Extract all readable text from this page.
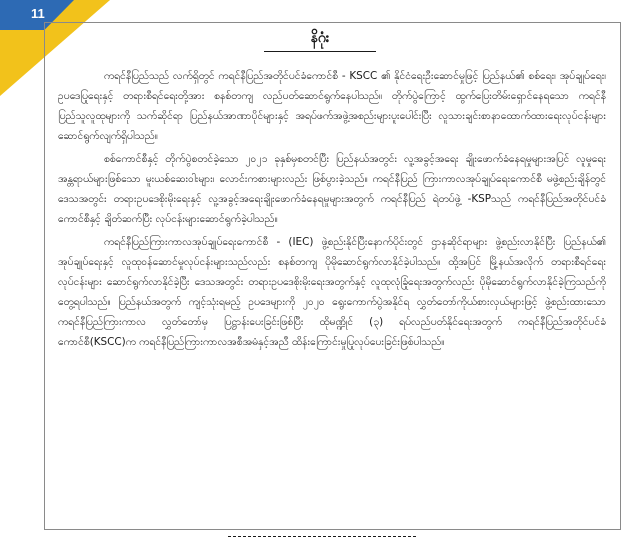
11
နိဂုံး

ကရင်နီပြည်သည် လက်ရှိတွင် ကရင်နီပြည်အတိုင်ပင်ခံကောင်စီ - KSCC ၏ နိုင်ငံရေးဦးဆောင်မှုဖြင့် ပြည်နယ်၏ စစ်ရေး၊ အုပ်ချုပ်ရေး၊ ဥပဒေပြုရေးနှင့် တရားစီရင်ရေးတို့အား စနစ်တကျ လည်ပတ်ဆောင်ရွက်နေပါသည်။ တိုက်ပွဲကြောင့် ထွက်ပြေးတိမ်းရှောင်နေရသော ကရင်နီပြည်သူလူထုများကို သက်ဆိုင်ရာ ပြည်နယ်အာဏာပိုင်များနှင့် အရပ်ဖက်အဖွဲ့အစည်းများပူးပေါင်းပြီး လူသားချင်းစာနာထောက်ထားရေးလုပ်ငန်းများ ဆောင်ရွက်လျက်ရှိပါသည်။

စစ်ကောင်စီနှင့် တိုက်ပွဲစတင်ခဲ့သော ၂၀၂၁ ခုနှစ်မှစတင်ပြီး ပြည်နယ်အတွင်း လူ့အခွင့်အရေး ချိုးဖောက်ခံနေရမှုများအပြင် လူမှုရေးအန္တရာယ်များဖြစ်သော မူးယစ်ဆေးဝါးများ၊ လောင်းကစားများလည်း ဖြစ်ပွားခဲ့သည်။ ကရင်နီပြည် ကြားကာလအုပ်ချုပ်ရေးကောင်စီ မဖွဲ့စည်းချိန်တွင် ဒေသအတွင်း တရားဥပဒေစိုးမိုးရေးနှင့် လူ့အခွင့်အရေးချိုးဖောက်ခံနေရမှုများအတွက် ကရင်နီပြည် ရဲတပ်ဖွဲ့ -KSPသည် ကရင်နီပြည်အတိုင်ပင်ခံကောင်စီနှင့် ချိတ်ဆက်ပြီး လုပ်ငန်းများဆောင်ရွက်ခဲ့ပါသည်။

ကရင်နီပြည်ကြားကာလအုပ်ချုပ်ရေးကောင်စီ - (IEC) ဖွဲ့စည်းနိုင်ပြီးနောက်ပိုင်းတွင် ဌာနဆိုင်ရာများ ဖွဲ့စည်းလာနိုင်ပြီး ပြည်နယ်၏ အုပ်ချုပ်ရေးနှင့် လူထုဝန်ဆောင်မှုလုပ်ငန်းများသည်လည်း စနစ်တကျ ပိုမိုဆောင်ရွက်လာနိုင်ခဲ့ပါသည်။ ထို့အပြင် မြို့နယ်အလိုက် တရားစီရင်ရေးလုပ်ငန်းများ ဆောင်ရွက်လာနိုင်ခဲ့ပြီး ဒေသအတွင်း တရားဥပဒေစိုးမိုးရေးအတွက်နှင့် လူထုလုံခြုံရေးအတွက်လည်း ပိုမိုဆောင်ရွက်လာနိုင်ခဲ့ကြသည်ကို တွေ့ရပါသည်။ ပြည်နယ်အတွက် ကျင့်သုံးရမည့် ဥပဒေများကို ၂၀၂၀ ရွေးကောက်ပွဲအနိုင်ရ လွှတ်တော်ကိုယ်စားလှယ်များဖြင့် ဖွဲ့စည်းထားသော ကရင်နီပြည်ကြားကာလ လွှတ်တော်မှ ပြဋ္ဌာန်းပေးခြင်းဖြစ်ပြီး ထိုမဏ္ဍိုင် (၃) ရပ်လည်ပတ်နိုင်ရေးအတွက် ကရင်နီပြည်အတိုင်ပင်ခံကောင်စီ(KSCC)က ကရင်နီပြည်ကြားကာလအစီအမံနှင့်အညီ ထိန်းကြောင်းမှုပြုလုပ်ပေးခြင်းဖြစ်ပါသည်။
